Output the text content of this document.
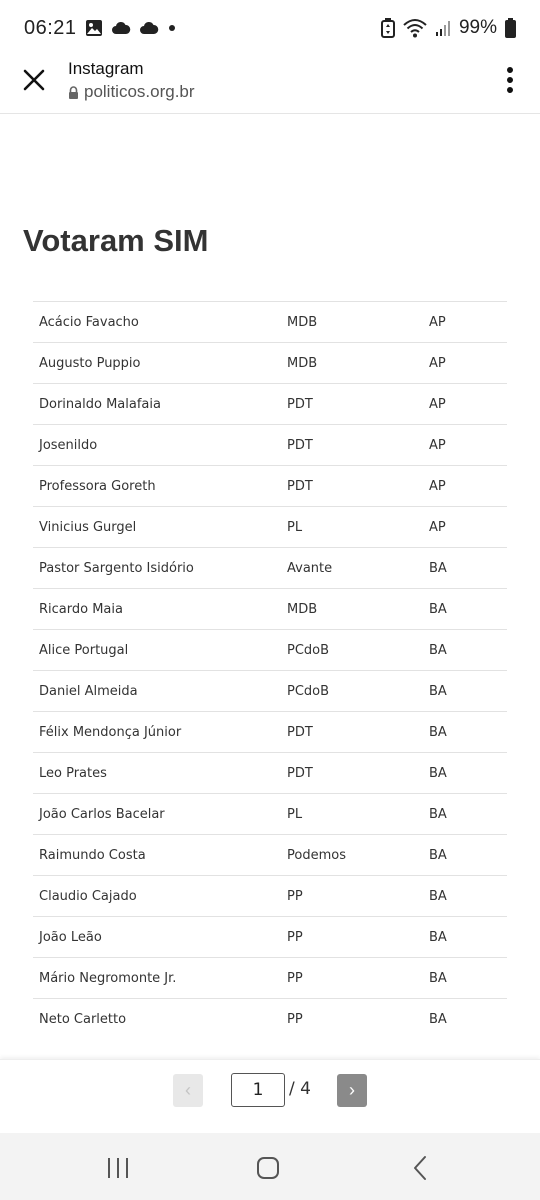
06:21	99%
Instagram
politicos.org.br
Votaram SIM
Acácio Favacho	MDB	AP
Augusto Puppio	MDB	AP
Dorinaldo Malafaia	PDT	AP
Josenildo	PDT	AP
Professora Goreth	PDT	AP
Vinicius Gurgel	PL	AP
Pastor Sargento Isidório	Avante	BA
Ricardo Maia	MDB	BA
Alice Portugal	PCdoB	BA
Daniel Almeida	PCdoB	BA
Félix Mendonça Júnior	PDT	BA
Leo Prates	PDT	BA
João Carlos Bacelar	PL	BA
Raimundo Costa	Podemos	BA
Claudio Cajado	PP	BA
João Leão	PP	BA
Mário Negromonte Jr.	PP	BA
Neto Carletto	PP	BA
‹	1	/ 4	›
